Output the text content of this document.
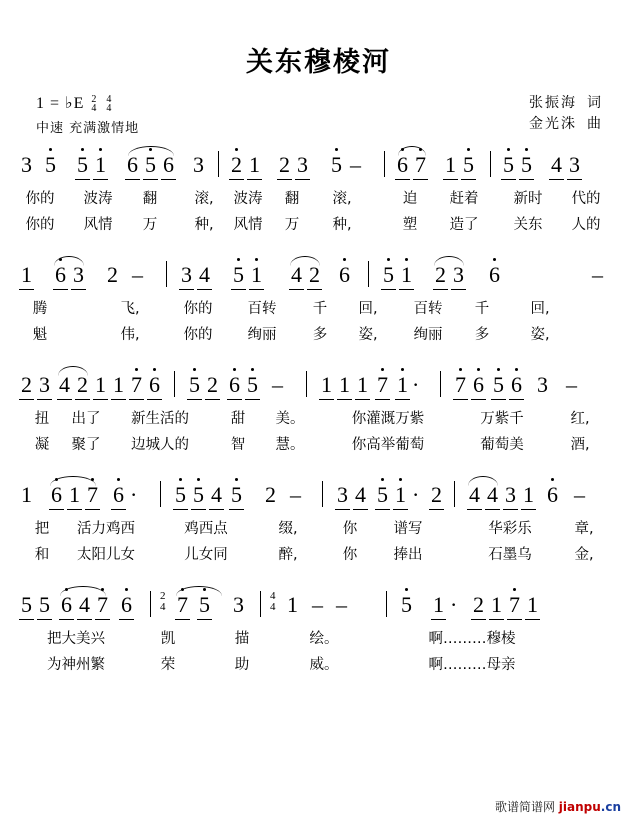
关东穆棱河
1 = ♭E 2
4 4
4
中速 充满激情地
张振海 词
金光洙 曲
3 5 5 1 6 5 6 3 2 1 2 3 5 – 6 7 1 5 5 5 4 3
你的 波涛 翻	滚, 波涛 翻 滚,	迫 赶着 新时 代的
你的 风情 万	种, 风情 万 种,	塑 造了 关东 人的
1 6 3 2 – 3 4 5 1 4 2 6 5 1 2 3 6	–
腾	飞,	你的 百转	千 回, 百转 千	回,
魁	伟,	你的 绚丽	多 姿, 绚丽 多	姿,
2 3 4 2 1 1 7 6 5 2 6 5 – 1 1 1 7 1 · 7 6 5 6 3 –
扭 出了 新生活的	甜 美。	你灌溉万紫	万紫千	红,
凝 聚了 边城人的	智 慧。	你高举葡萄	葡萄美	酒,
1 6 1 7 6 · 5 5 4 5 2 – 3 4 5 1 · 2 4 4 3 1 6 –
把 活力鸡西	鸡西点	缀,	你	谱写	华彩乐	章,
和 太阳儿女	儿女同	醉,	你	捧出	石墨乌	金,
5 5 6 4 7 6	2
4 7 5 3 4
4 1 – – 5 1 · 2 1 7 1
把大美兴	凯	描	绘。	啊………穆棱
为神州繁	荣	助	威。	啊………母亲
歌谱简谱网 jianpu.cn
